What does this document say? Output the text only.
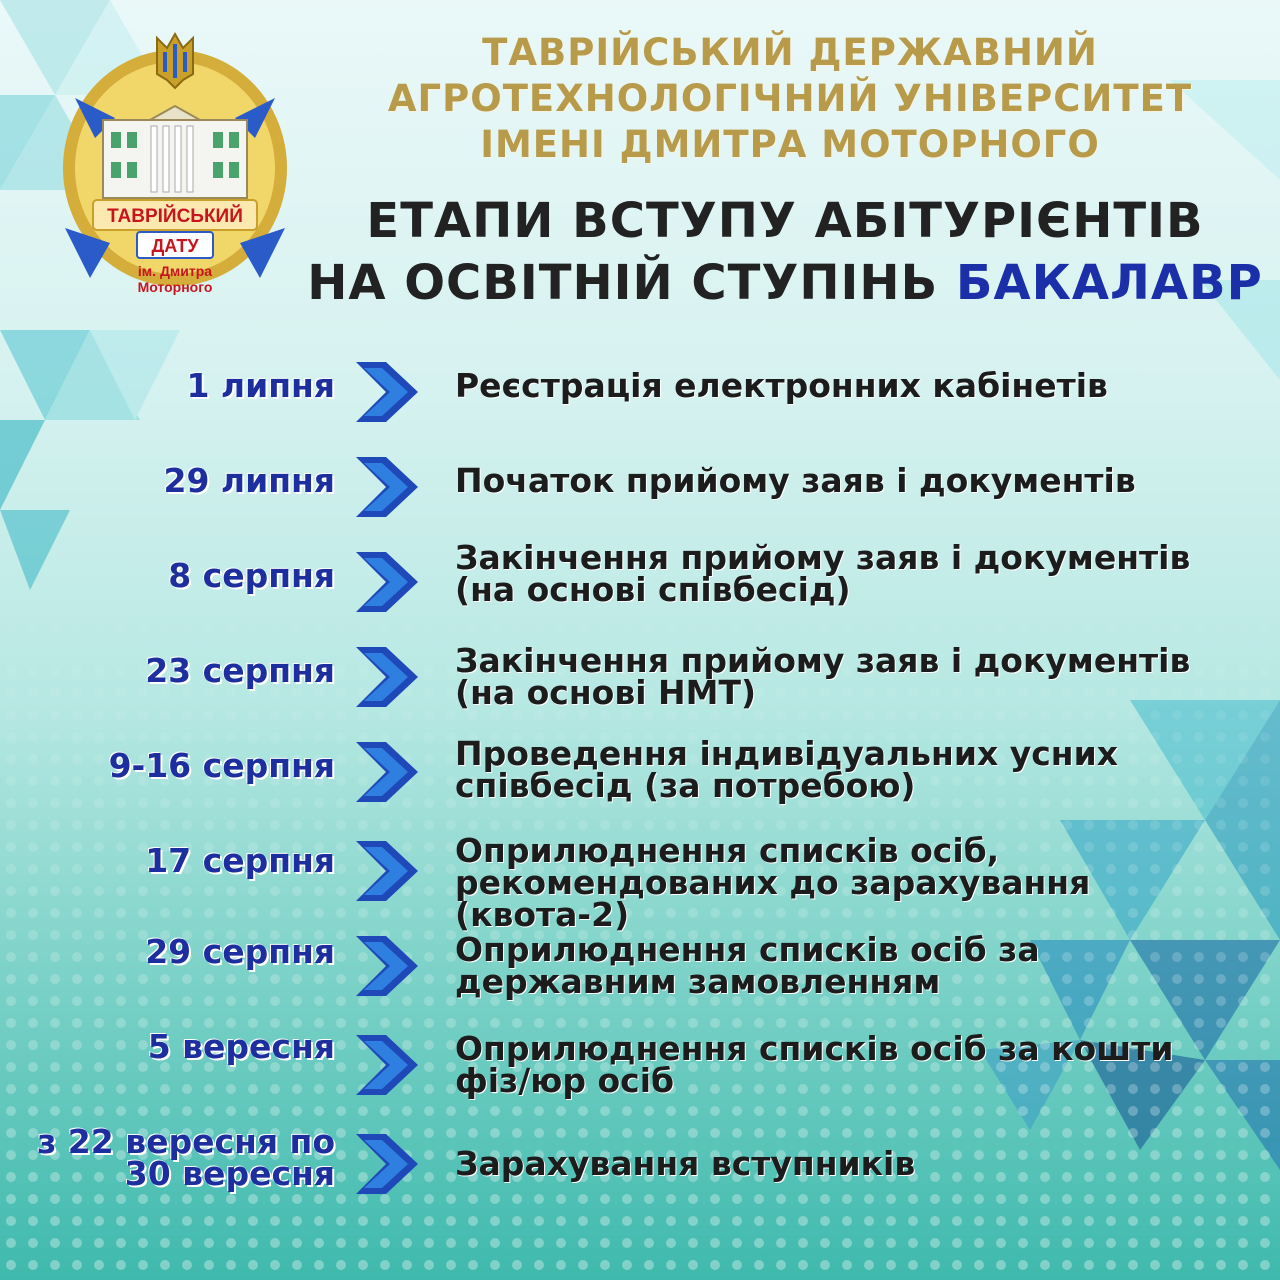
ТАВРІЙСЬКИЙ
ДАТУ
ім. Дмитра
Моторного
ТАВРІЙСЬКИЙ ДЕРЖАВНИЙ
АГРОТЕХНОЛОГІЧНИЙ УНІВЕРСИТЕТ
ІМЕНІ ДМИТРА МОТОРНОГО
ЕТАПИ ВСТУПУ АБІТУРІЄНТІВ
НА ОСВІТНІЙ СТУПІНЬ БАКАЛАВР
1 липня	Реєстрація електронних кабінетів
29 липня	Початок прийому заяв і документів
8 серпня	Закінчення прийому заяв і документів (на основі співбесід)
23 серпня	Закінчення прийому заяв і документів (на основі НМТ)
9-16 серпня	Проведення індивідуальних усних співбесід (за потребою)
17 серпня	Оприлюднення списків осіб, рекомендованих до зарахування (квота-2)
29 серпня	Оприлюднення списків осіб за державним замовленням
5 вересня	Оприлюднення списків осіб за кошти фіз/юр осіб
з 22 вересня по 30 вересня	Зарахування вступників
